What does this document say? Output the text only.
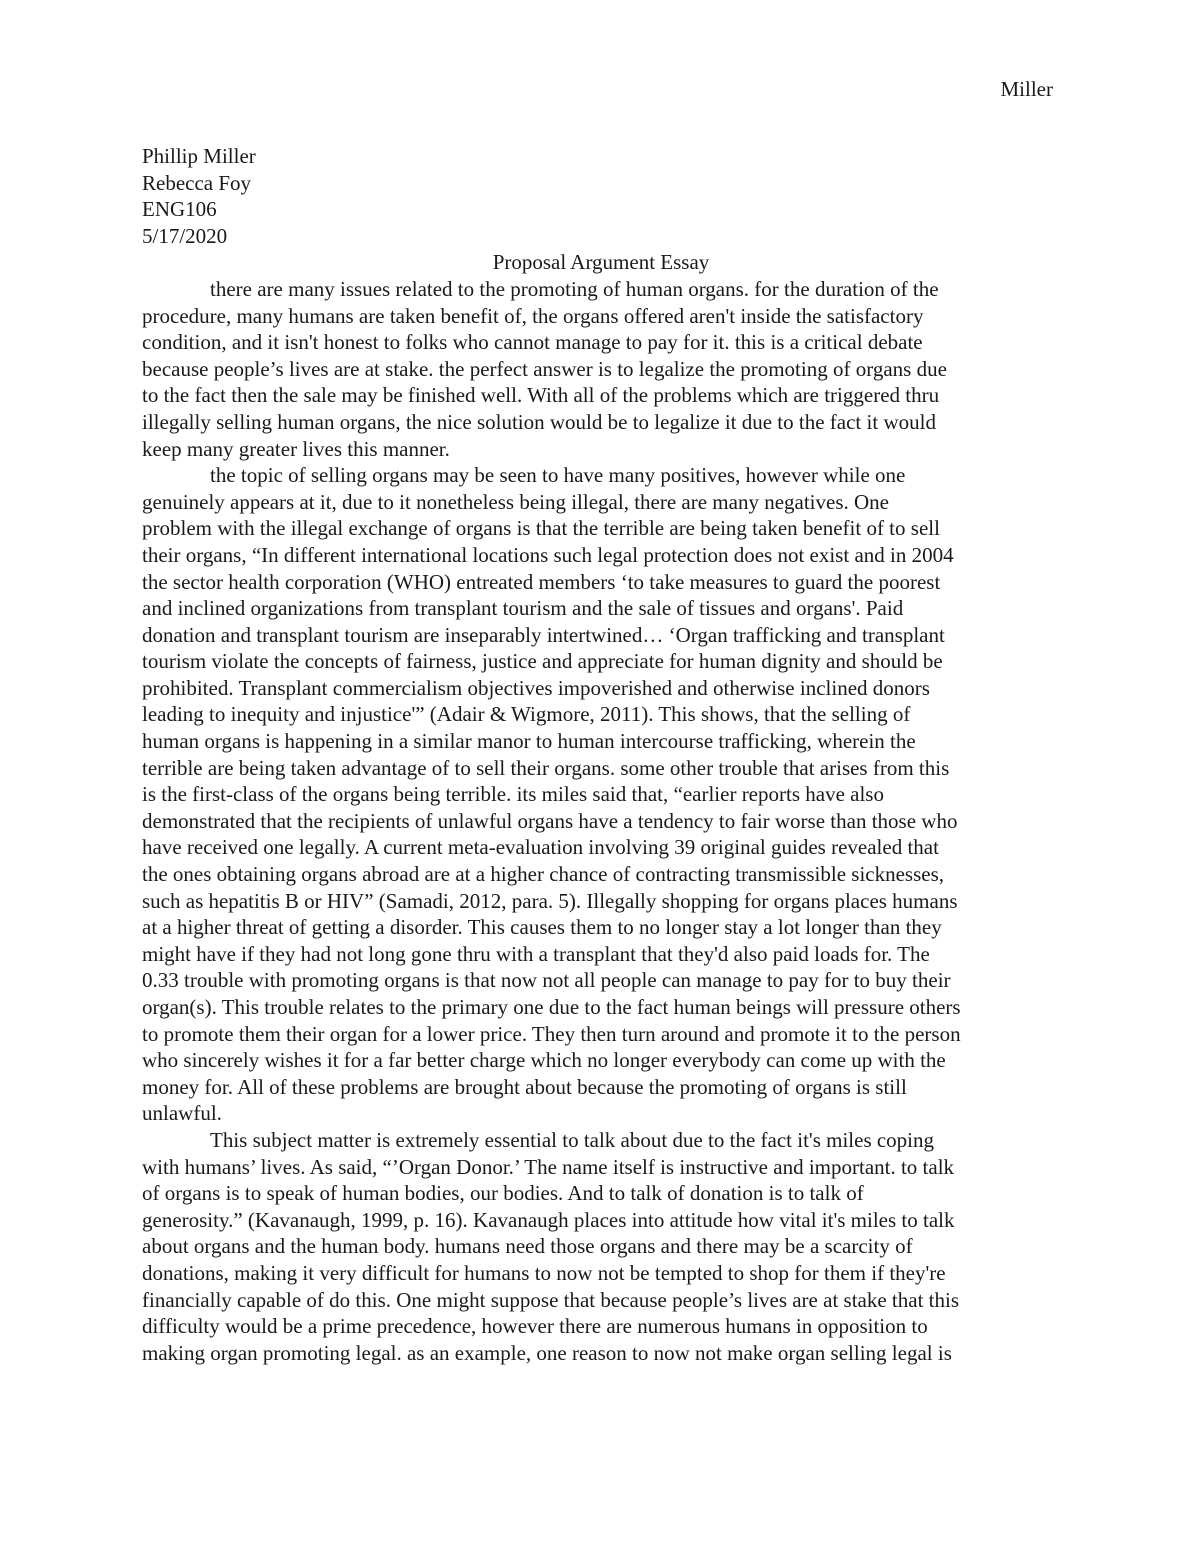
Miller

Phillip Miller

Rebecca Foy

ENG106

5/17/2020

Proposal Argument Essay

there are many issues related to the promoting of human organs. for the duration of the

procedure, many humans are taken benefit of, the organs offered aren't inside the satisfactory

condition, and it isn't honest to folks who cannot manage to pay for it. this is a critical debate

because people’s lives are at stake. the perfect answer is to legalize the promoting of organs due

to the fact then the sale may be finished well. With all of the problems which are triggered thru

illegally selling human organs, the nice solution would be to legalize it due to the fact it would

keep many greater lives this manner.

the topic of selling organs may be seen to have many positives, however while one

genuinely appears at it, due to it nonetheless being illegal, there are many negatives. One

problem with the illegal exchange of organs is that the terrible are being taken benefit of to sell

their organs, “In different international locations such legal protection does not exist and in 2004

the sector health corporation (WHO) entreated members ‘to take measures to guard the poorest

and inclined organizations from transplant tourism and the sale of tissues and organs'. Paid

donation and transplant tourism are inseparably intertwined… ‘Organ trafficking and transplant

tourism violate the concepts of fairness, justice and appreciate for human dignity and should be

prohibited. Transplant commercialism objectives impoverished and otherwise inclined donors

leading to inequity and injustice'” (Adair & Wigmore, 2011). This shows, that the selling of

human organs is happening in a similar manor to human intercourse trafficking, wherein the

terrible are being taken advantage of to sell their organs. some other trouble that arises from this

is the first-class of the organs being terrible. its miles said that, “earlier reports have also

demonstrated that the recipients of unlawful organs have a tendency to fair worse than those who

have received one legally. A current meta-evaluation involving 39 original guides revealed that

the ones obtaining organs abroad are at a higher chance of contracting transmissible sicknesses,

such as hepatitis B or HIV” (Samadi, 2012, para. 5). Illegally shopping for organs places humans

at a higher threat of getting a disorder. This causes them to no longer stay a lot longer than they

might have if they had not long gone thru with a transplant that they'd also paid loads for. The

0.33 trouble with promoting organs is that now not all people can manage to pay for to buy their

organ(s). This trouble relates to the primary one due to the fact human beings will pressure others

to promote them their organ for a lower price. They then turn around and promote it to the person

who sincerely wishes it for a far better charge which no longer everybody can come up with the

money for. All of these problems are brought about because the promoting of organs is still

unlawful.

This subject matter is extremely essential to talk about due to the fact it's miles coping

with humans’ lives. As said, “’Organ Donor.’ The name itself is instructive and important. to talk

of organs is to speak of human bodies, our bodies. And to talk of donation is to talk of

generosity.” (Kavanaugh, 1999, p. 16). Kavanaugh places into attitude how vital it's miles to talk

about organs and the human body. humans need those organs and there may be a scarcity of

donations, making it very difficult for humans to now not be tempted to shop for them if they're

financially capable of do this. One might suppose that because people’s lives are at stake that this

difficulty would be a prime precedence, however there are numerous humans in opposition to

making organ promoting legal. as an example, one reason to now not make organ selling legal is
